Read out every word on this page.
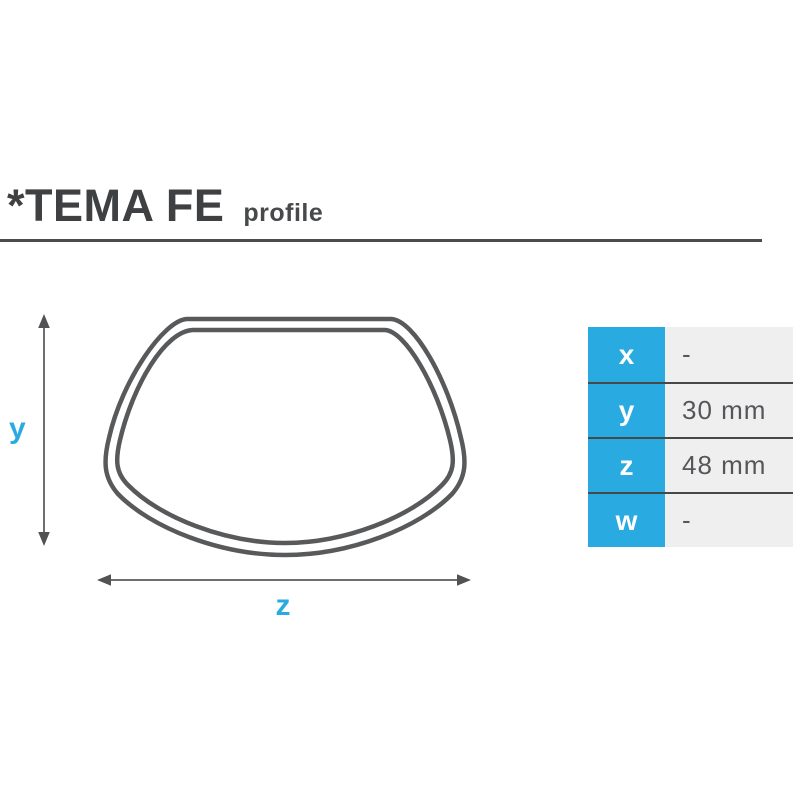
*TEMA FE profile
y
z
x	-
y	30 mm
z	48 mm
w	-
